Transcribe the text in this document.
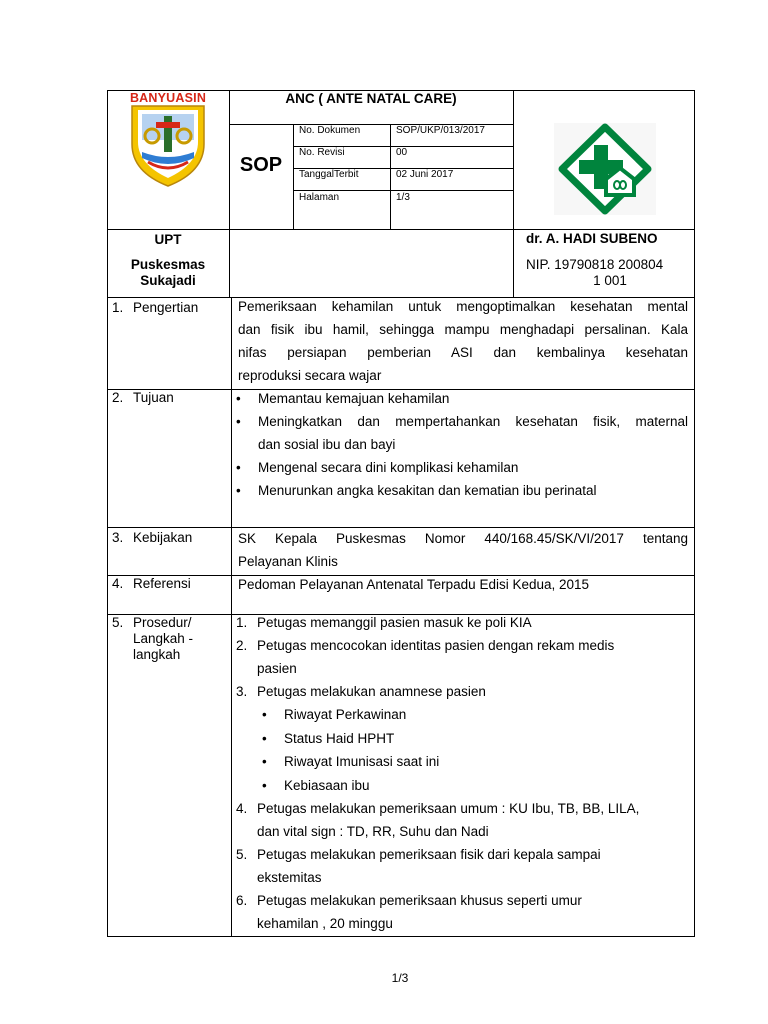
BANYUASIN	ANC ( ANTE NATAL CARE)
SOP
No. Dokumen	SOP/UKP/013/2017
No. Revisi	00
TanggalTerbit	02 Juni 2017
Halaman	1/3
UPT
Puskesmas
Sukajadi
dr. A. HADI SUBENO
NIP. 19790818 200804
1 001
1. Pengertian	Pemeriksaan kehamilan untuk mengoptimalkan kesehatan mental
dan fisik ibu hamil, sehingga mampu menghadapi persalinan. Kala
nifas persiapan pemberian ASI dan kembalinya kesehatan
reproduksi secara wajar
2. Tujuan
•	Memantau kemajuan kehamilan
• Meningkatkan dan mempertahankan kesehatan fisik, maternal
dan sosial ibu dan bayi
• Mengenal secara dini komplikasi kehamilan
• Menurunkan angka kesakitan dan kematian ibu perinatal
3. Kebijakan	SK Kepala Puskesmas Nomor 440/168.45/SK/VI/2017 tentang
Pelayanan Klinis
4. Referensi	Pedoman Pelayanan Antenatal Terpadu Edisi Kedua, 2015
5. Prosedur/
Langkah -
langkah
1. Petugas memanggil pasien masuk ke poli KIA
2. Petugas mencocokan identitas pasien dengan rekam medis
pasien
3. Petugas melakukan anamnese pasien
• Riwayat Perkawinan
• Status Haid HPHT
• Riwayat Imunisasi saat ini
• Kebiasaan ibu
4. Petugas melakukan pemeriksaan umum : KU Ibu, TB, BB, LILA,
dan vital sign : TD, RR, Suhu dan Nadi
5. Petugas melakukan pemeriksaan fisik dari kepala sampai
ekstemitas
6. Petugas melakukan pemeriksaan khusus seperti umur
kehamilan , 20 minggu
1/3
